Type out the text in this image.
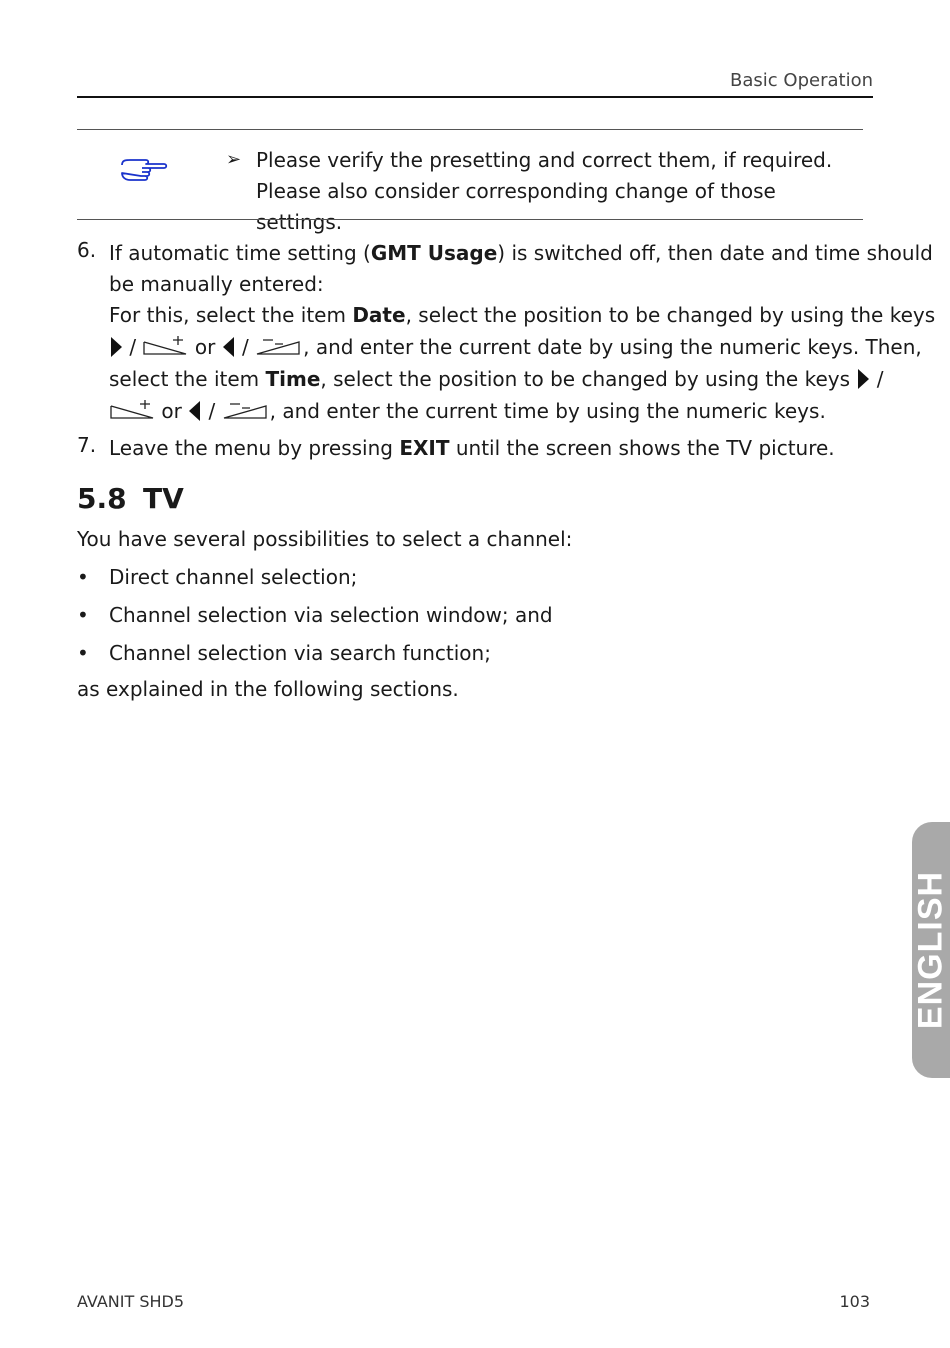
Basic Operation
➢ Please verify the presetting and correct them, if required. Please also consider corresponding change of those settings.
6. If automatic time setting (GMT Usage) is switched off, then date and time should
be manually entered:
For this, select the item Date, select the position to be changed by using the keys
/	or /	, and enter the current date by using the numeric keys. Then,
select the item Time, select the position to be changed by using the keys /
or /	, and enter the current time by using the numeric keys.
7. Leave the menu by pressing EXIT until the screen shows the TV picture.
5.8 TV
You have several possibilities to select a channel:
• Direct channel selection;
• Channel selection via selection window; and
• Channel selection via search function;
as explained in the following sections.
ENGLISH
AVANIT SHD5	103
